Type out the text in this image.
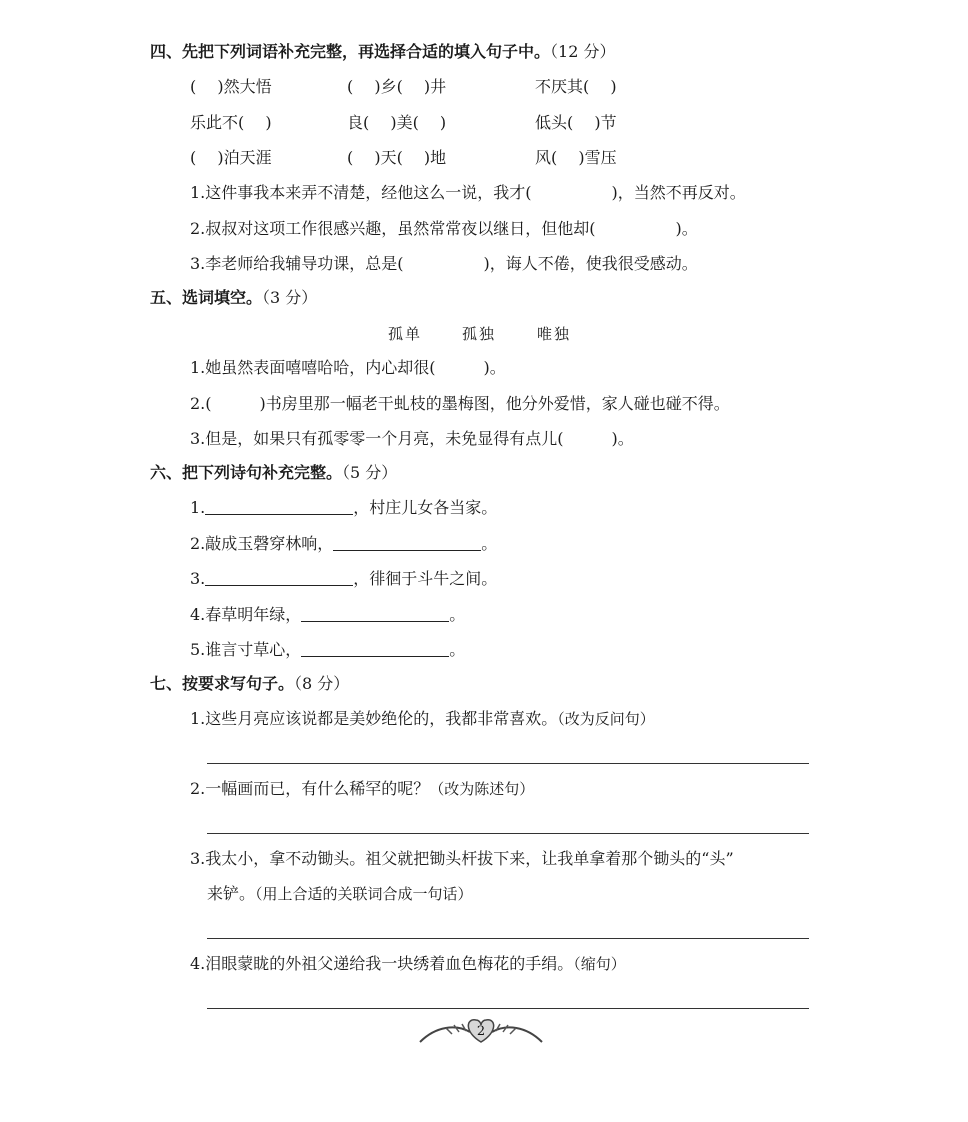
四、先把下列词语补充完整，再选择合适的填入句子中。（12 分）
(　 )然大悟	(　 )乡(　 )井	不厌其(　 )
乐此不(　 )	良(　 )美(　 )	低头(　 )节
(　 )泊天涯	(　 )天(　 )地	风(　 )雪压
1.这件事我本来弄不清楚，经他这么一说，我才(　　　　　)，当然不再反对。
2.叔叔对这项工作很感兴趣，虽然常常夜以继日，但他却(　　　　　)。
3.李老师给我辅导功课，总是(　　　　　)，诲人不倦，使我很受感动。
五、选词填空。（3 分）
孤单	孤独	唯独
1.她虽然表面嘻嘻哈哈，内心却很(　　　)。
2.(　　　)书房里那一幅老干虬枝的墨梅图，他分外爱惜，家人碰也碰不得。
3.但是，如果只有孤零零一个月亮，未免显得有点儿(　　　)。
六、把下列诗句补充完整。（5 分）
1.	，村庄儿女各当家。
2.敲成玉磬穿林响，	。
3.	，徘徊于斗牛之间。
4.春草明年绿，	。
5.谁言寸草心，	。
七、按要求写句子。（8 分）
1.这些月亮应该说都是美妙绝伦的，我都非常喜欢。（改为反问句）
2.一幅画而已，有什么稀罕的呢？（改为陈述句）
3.我太小，拿不动锄头。祖父就把锄头杆拔下来，让我单拿着那个锄头的“头”
来铲。（用上合适的关联词合成一句话）
4.泪眼蒙眬的外祖父递给我一块绣着血色梅花的手绢。（缩句）
2
